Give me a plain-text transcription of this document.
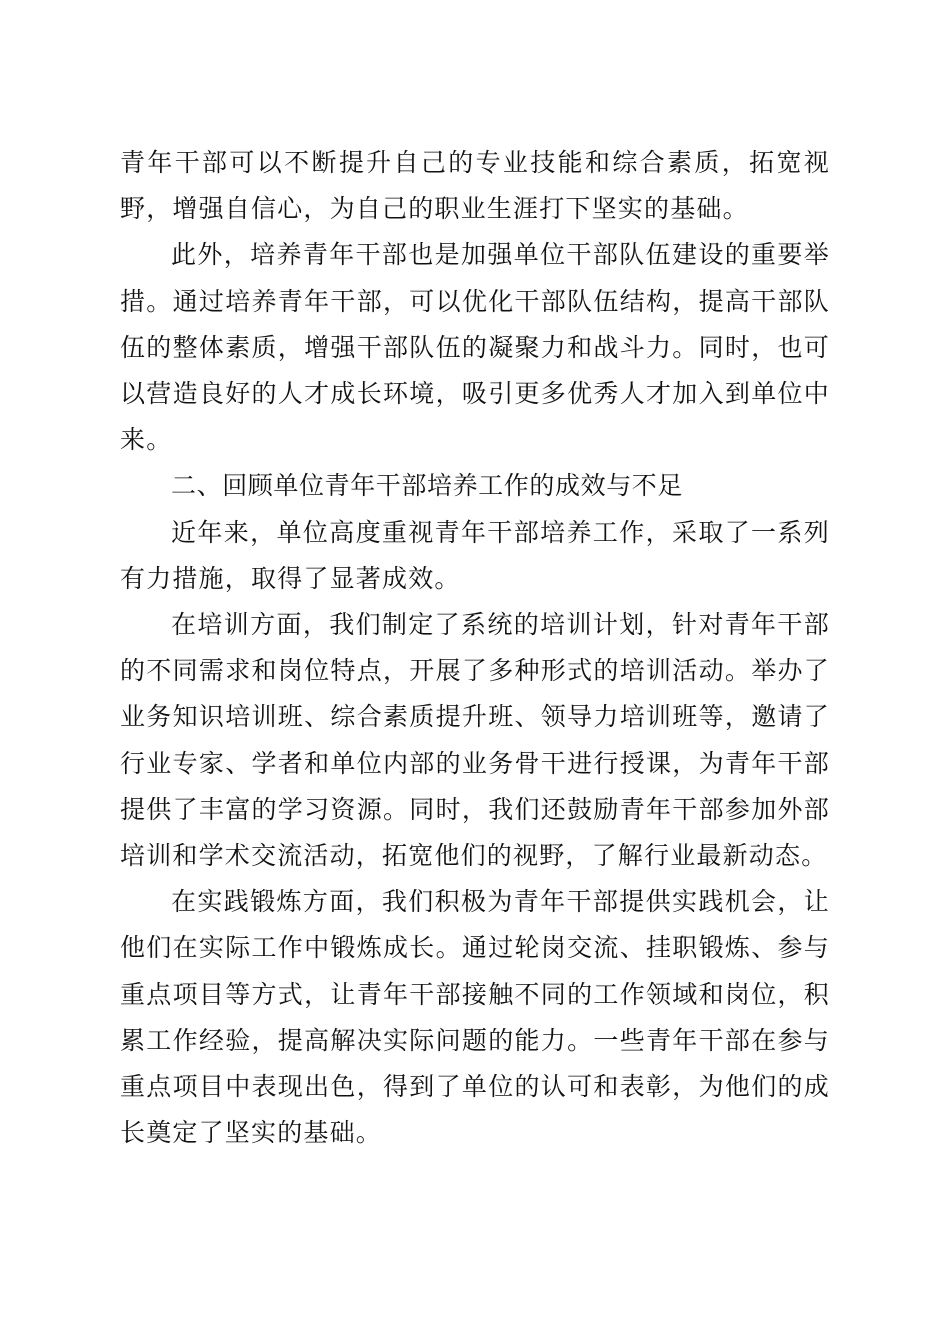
青年干部可以不断提升自己的专业技能和综合素质，拓宽视野，增强自信心，为自己的职业生涯打下坚实的基础。

此外，培养青年干部也是加强单位干部队伍建设的重要举措。通过培养青年干部，可以优化干部队伍结构，提高干部队伍的整体素质，增强干部队伍的凝聚力和战斗力。同时，也可以营造良好的人才成长环境，吸引更多优秀人才加入到单位中来。

二、回顾单位青年干部培养工作的成效与不足

近年来，单位高度重视青年干部培养工作，采取了一系列有力措施，取得了显著成效。

在培训方面，我们制定了系统的培训计划，针对青年干部的不同需求和岗位特点，开展了多种形式的培训活动。举办了业务知识培训班、综合素质提升班、领导力培训班等，邀请了行业专家、学者和单位内部的业务骨干进行授课，为青年干部提供了丰富的学习资源。同时，我们还鼓励青年干部参加外部培训和学术交流活动，拓宽他们的视野，了解行业最新动态。

在实践锻炼方面，我们积极为青年干部提供实践机会，让他们在实际工作中锻炼成长。通过轮岗交流、挂职锻炼、参与重点项目等方式，让青年干部接触不同的工作领域和岗位，积累工作经验，提高解决实际问题的能力。一些青年干部在参与重点项目中表现出色，得到了单位的认可和表彰，为他们的成长奠定了坚实的基础。
